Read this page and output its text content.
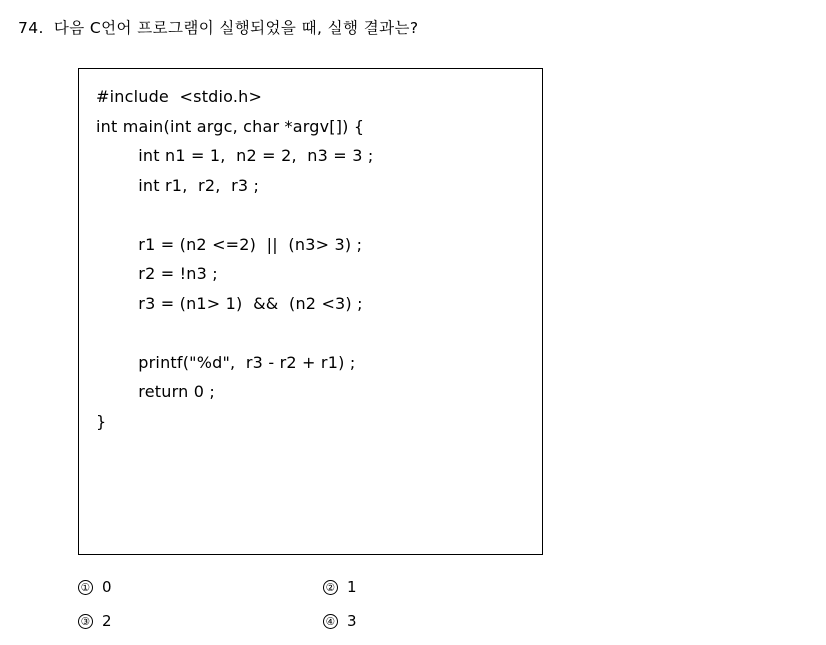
74. 다음 C언어 프로그램이 실행되었을 때, 실행 결과는?
#include  <stdio.h>
int main(int argc, char *argv[]) {
int n1 = 1,  n2 = 2,  n3 = 3 ;
int r1,  r2,  r3 ;
r1 = (n2 <=2)  ||  (n3> 3) ;
r2 = !n3 ;
r3 = (n1> 1)  &&  (n2 <3) ;
printf("%d",  r3 - r2 + r1) ;
return 0 ;
}
① 0	② 1
③ 2	④ 3
